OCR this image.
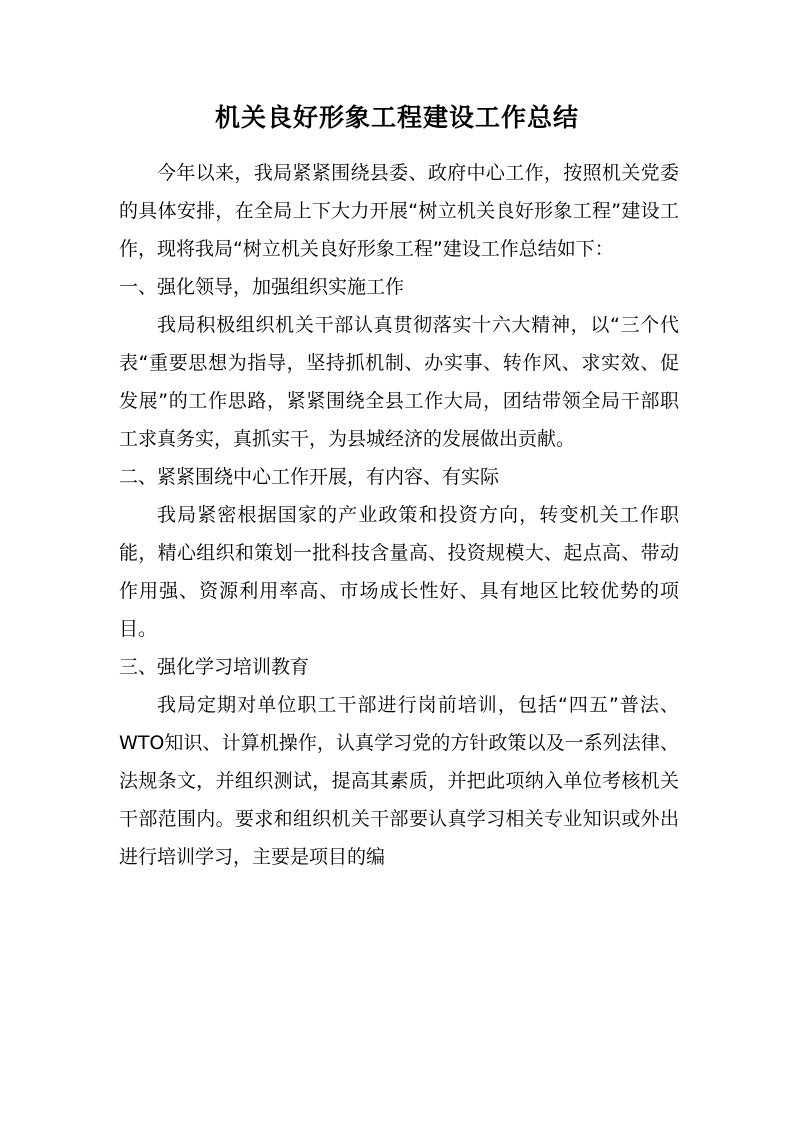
机关良好形象工程建设工作总结

今年以来，我局紧紧围绕县委、政府中心工作，按照机关党委的具体安排，在全局上下大力开展“树立机关良好形象工程”建设工作，现将我局“树立机关良好形象工程”建设工作总结如下：

一、强化领导，加强组织实施工作

我局积极组织机关干部认真贯彻落实十六大精神，以“三个代表“重要思想为指导，坚持抓机制、办实事、转作风、求实效、促发展”的工作思路，紧紧围绕全县工作大局，团结带领全局干部职工求真务实，真抓实干，为县城经济的发展做出贡献。

二、紧紧围绕中心工作开展，有内容、有实际

我局紧密根据国家的产业政策和投资方向，转变机关工作职能，精心组织和策划一批科技含量高、投资规模大、起点高、带动作用强、资源利用率高、市场成长性好、具有地区比较优势的项目。

三、强化学习培训教育

我局定期对单位职工干部进行岗前培训，包括“四五”普法、WTO知识、计算机操作，认真学习党的方针政策以及一系列法律、法规条文，并组织测试，提高其素质，并把此项纳入单位考核机关干部范围内。要求和组织机关干部要认真学习相关专业知识或外出进行培训学习，主要是项目的编
